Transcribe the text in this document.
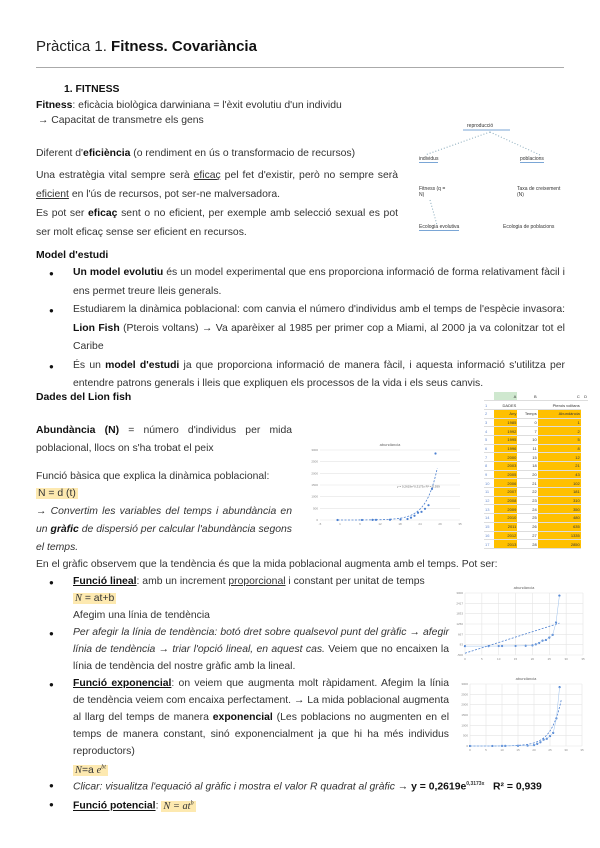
Pràctica 1. Fitness. Covariància
1. FITNESS
Fitness: eficàcia biològica darwiniana = l'èxit evolutiu d'un individu
→ Capacitat de transmetre els gens
Diferent d'eficiència (o rendiment en ús o transformacio de recursos)
Una estratègia vital sempre serà eficaç pel fet d'existir, però no sempre serà eficient en l'ús de recursos, pot ser-ne malversadora.
Es pot ser eficaç sent o no eficient, per exemple amb selecció sexual es pot ser molt eficaç sense ser eficient en recursos.
reproducció
individus	poblacions
Fitness (q = N)
Taxa de creixement (N)
Ecologia evolutiva	Ecologia de poblacions
Model d'estudi
● Un model evolutiu és un model experimental que ens proporciona informació de forma relativament fàcil i ens permet treure lleis generals.
● Estudiarem la dinàmica poblacional: com canvia el número d'individus amb el temps de l'espècie invasora: Lion Fish (Pterois voltans) → Va aparèixer al 1985 per primer cop a Miami, al 2000 ja va colonitzar tot el Caribe
● És un model d'estudi ja que proporciona informació de manera fàcil, i aquesta informació s'utilitza per entendre patrons generals i lleis que expliquen els processos de la vida i els seus canvis.
Dades del Lion fish
Abundància (N) = número d'individus per mida poblacional, llocs on s'ha trobat el peix
Funció bàsica que explica la dinàmica poblacional:
N = d (t)
→ Convertim les variables del temps i abundància en un gràfic de dispersió per calcular l'abundància segons el temps.
abundància
0
500
1000
1500
2000
2500
3000
-5	1	6	12	18	24	29	35
y = 0,2619e^0,3173x R² = 0,939
	A	B	C	D
1	DADES		Pterois volitans	
2	Any	Temps	Abundància	
3	1985	0	1	
4	1992	7	2	
5	1995	10	5	
6	1996	11	8	
7	2000	15	12	
8	2003	18	21	
9	2005	20	43	
10	2006	21	102	
11	2007	22	181	
12	2008	23	310	
13	2009	24	350	
14	2010	25	480	
15	2011	26	635	
16	2012	27	1335	
17	2013	28	2850	
En el gràfic observem que la tendència és que la mida poblacional augmenta amb el temps. Pot ser:
● Funció lineal: amb un increment proporcional i constant per unitat de temps
N = at+b
Afegim una línia de tendència
● Per afegir la línia de tendència: botó dret sobre qualsevol punt del gràfic → afegir línia de tendència → triar l'opció lineal, en aquest cas. Veiem que no encaixen la línia de tendència del nostre gràfic amb la lineal.
● Funció exponencial: on veiem que augmenta molt ràpidament. Afegim la línia de tendència veiem com encaixa perfectament. → La mida poblacional augmenta al llarg del temps de manera exponencial (Les poblacions no augmenten en el temps de manera constant, sinó exponencialment ja que hi ha més individus reproductors)
N=a $e^{bt}$
● Clicar: visualitza l'equació al gràfic i mostra el valor R quadrat al gràfic → $y = 0,2619e^{0,3173x}$ R² = 0,939
● Funció potencial: $N = at^b$
abundància
-500
83
667
1250
1833
2417
3000
0	5	10	15	20	25	30	35
abundància
0
500
1000
1500
2000
2500
3000
0	5	10	15	20	25	30	35
